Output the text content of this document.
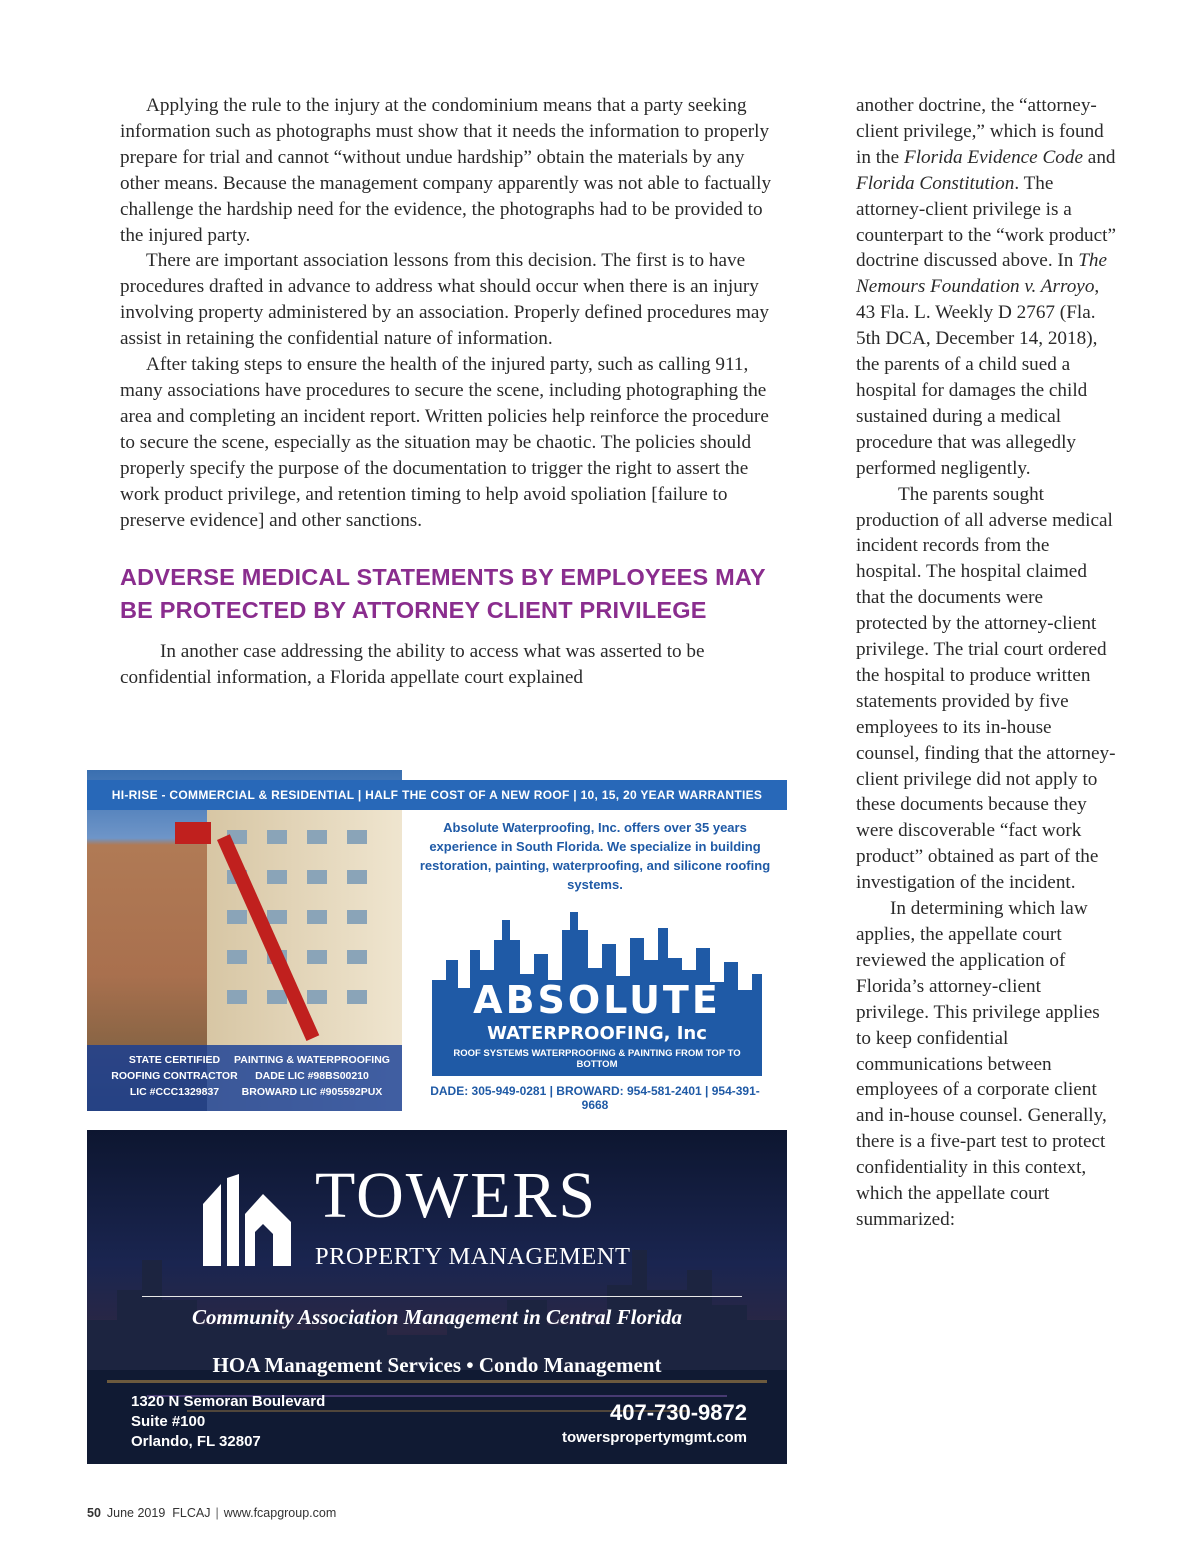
Applying the rule to the injury at the condominium means that a party seeking information such as photographs must show that it needs the information to properly prepare for trial and cannot “without undue hardship” obtain the materials by any other means. Because the management company apparently was not able to factually challenge the hardship need for the evidence, the photographs had to be provided to the injured party.

There are important association lessons from this decision. The first is to have procedures drafted in advance to address what should occur when there is an injury involving property administered by an association. Properly defined procedures may assist in retaining the confidential nature of information.

After taking steps to ensure the health of the injured party, such as calling 911, many associations have procedures to secure the scene, including photographing the area and completing an incident report. Written policies help reinforce the procedure to secure the scene, especially as the situation may be chaotic. The policies should properly specify the purpose of the documentation to trigger the right to assert the work product privilege, and retention timing to help avoid spoliation [failure to preserve evidence] and other sanctions.

ADVERSE MEDICAL STATEMENTS BY EMPLOYEES MAY BE PROTECTED BY ATTORNEY CLIENT PRIVILEGE

In another case addressing the ability to access what was asserted to be confidential information, a Florida appellate court explained

another doctrine, the “attorney-client privilege,” which is found in the Florida Evidence Code and Florida Constitution. The attorney-client privilege is a counterpart to the “work product” doctrine discussed above. In The Nemours Foundation v. Arroyo, 43 Fla. L. Weekly D 2767 (Fla. 5th DCA, December 14, 2018), the parents of a child sued a hospital for damages the child sustained during a medical procedure that was allegedly performed negligently.

The parents sought production of all adverse medical incident records from the hospital. The hospital claimed that the documents were protected by the attorney-client privilege. The trial court ordered the hospital to produce written statements provided by five employees to its in-house counsel, finding that the attorney-client privilege did not apply to these documents because they were discoverable “fact work product” obtained as part of the investigation of the incident.

In determining which law applies, the appellate court reviewed the application of Florida’s attorney-client privilege. This privilege applies to keep confidential communications between employees of a corporate client and in-house counsel. Generally, there is a five-part test to protect confidentiality in this context, which the appellate court summarized:

HI-RISE - COMMERCIAL & RESIDENTIAL | HALF THE COST OF A NEW ROOF | 10, 15, 20 YEAR WARRANTIES
Absolute Waterproofing, Inc. offers over 35 years experience in South Florida. We specialize in building restoration, painting, waterproofing, and silicone roofing systems.
ABSOLUTE
WATERPROOFING, Inc
ROOF SYSTEMS WATERPROOFING & PAINTING FROM TOP TO BOTTOM
DADE: 305-949-0281 | BROWARD: 954-581-2401 | 954-391-9668
STATE CERTIFIED ROOFING CONTRACTOR LIC #CCC1329837
PAINTING & WATERPROOFING DADE LIC #98BS00210 BROWARD LIC #905592PUX
TOWERS
PROPERTY MANAGEMENT
Community Association Management in Central Florida
HOA Management Services • Condo Management
1320 N Semoran Boulevard
Suite #100
Orlando, FL 32807
407-730-9872
towerspropertymgmt.com
50 June 2019 FLCAJ | www.fcapgroup.com
